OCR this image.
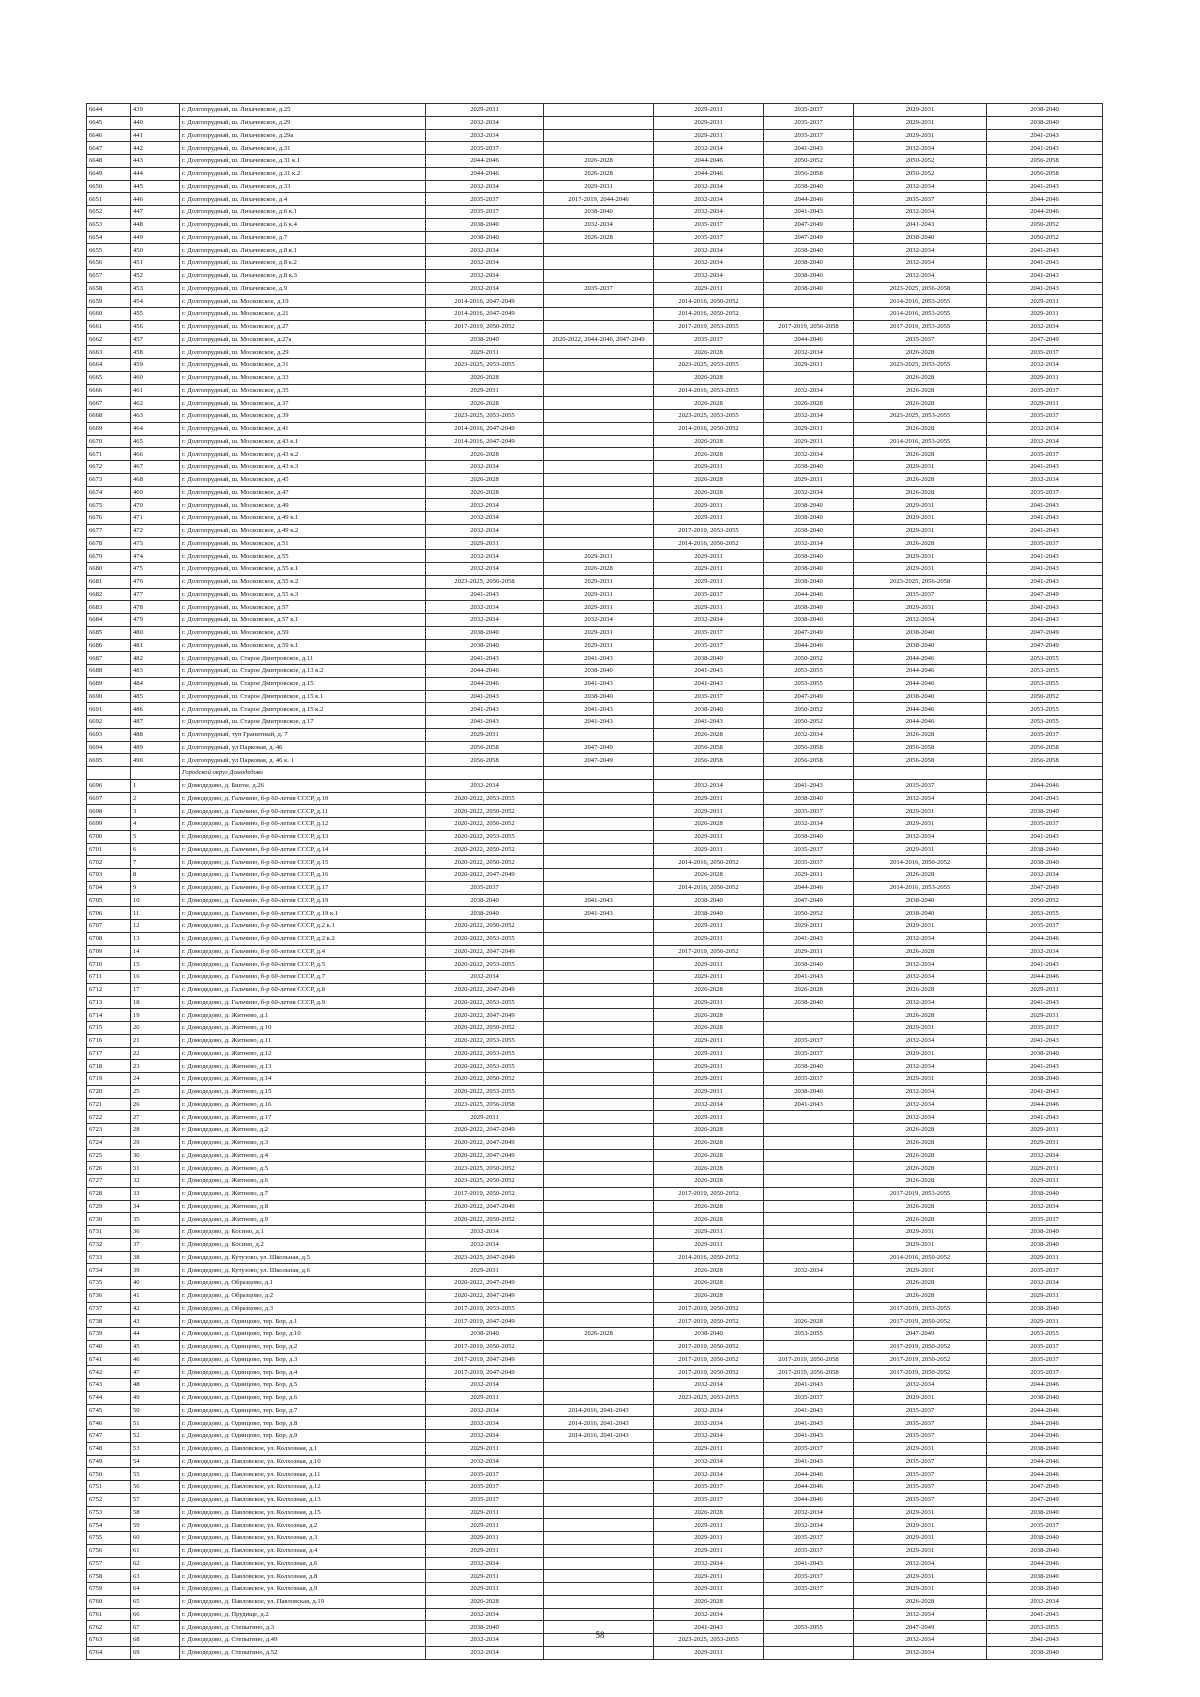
6644	439	г. Долгопрудный, ш. Лихачевское, д.25	2029-2031		2029-2031	2035-2037	2029-2031	2038-2040
6645	440	г. Долгопрудный, ш. Лихачевское, д.29	2032-2034		2029-2031	2035-2037	2029-2031	2038-2040
6646	441	г. Долгопрудный, ш. Лихачевское, д.29а	2032-2034		2029-2031	2035-2037	2029-2031	2041-2043
6647	442	г. Долгопрудный, ш. Лихачевское, д.31	2035-2037		2032-2034	2041-2043	2032-2034	2041-2043
6648	443	г. Долгопрудный, ш. Лихачевское, д.31 к.1	2044-2046	2026-2028	2044-2046	2050-2052	2050-2052	2056-2058
6649	444	г. Долгопрудный, ш. Лихачевское, д.31 к.2	2044-2046	2026-2028	2044-2046	2056-2058	2050-2052	2056-2058
6650	445	г. Долгопрудный, ш. Лихачевское, д.33	2032-2034	2029-2031	2032-2034	2038-2040	2032-2034	2041-2043
6651	446	г. Долгопрудный, ш. Лихачевское, д.4	2035-2037	2017-2019, 2044-2046	2032-2034	2044-2046	2035-2037	2044-2046
6652	447	г. Долгопрудный, ш. Лихачевское, д.6 к.1	2035-2037	2038-2040	2032-2034	2041-2043	2032-2034	2044-2046
6653	448	г. Долгопрудный, ш. Лихачевское, д.6 к.4	2038-2040	2032-2034	2035-2037	2047-2049	2041-2043	2050-2052
6654	449	г. Долгопрудный, ш. Лихачевское, д.7	2038-2040	2026-2028	2035-2037	2047-2049	2038-2040	2050-2052
6655	450	г. Долгопрудный, ш. Лихачевское, д.8 к.1	2032-2034		2032-2034	2038-2040	2032-2034	2041-2043
6656	451	г. Долгопрудный, ш. Лихачевское, д.8 к.2	2032-2034		2032-2034	2038-2040	2032-2034	2041-2043
6657	452	г. Долгопрудный, ш. Лихачевское, д.8 к.3	2032-2034		2032-2034	2038-2040	2032-2034	2041-2043
6658	453	г. Долгопрудный, ш. Лихачевское, д.9	2032-2034	2035-2037	2029-2031	2038-2040	2023-2025, 2056-2058	2041-2043
6659	454	г. Долгопрудный, ш. Московское, д.19	2014-2016, 2047-2049		2014-2016, 2050-2052		2014-2016, 2053-2055	2029-2031
6660	455	г. Долгопрудный, ш. Московское, д.21	2014-2016, 2047-2049		2014-2016, 2050-2052		2014-2016, 2053-2055	2029-2031
6661	456	г. Долгопрудный, ш. Московское, д.27	2017-2019, 2050-2052		2017-2019, 2053-2055	2017-2019, 2056-2058	2017-2019, 2053-2055	2032-2034
6662	457	г. Долгопрудный, ш. Московское, д.27а	2038-2040	2020-2022, 2044-2046, 2047-2049	2035-2037	2044-2046	2035-2037	2047-2049
6663	458	г. Долгопрудный, ш. Московское, д.29	2029-2031		2026-2028	2032-2034	2026-2028	2035-2037
6664	459	г. Долгопрудный, ш. Московское, д.31	2023-2025, 2053-2055		2023-2025, 2053-2055	2029-2031	2023-2025, 2053-2055	2032-2034
6665	460	г. Долгопрудный, ш. Московское, д.33	2026-2028		2026-2028		2026-2028	2029-2031
6666	461	г. Долгопрудный, ш. Московское, д.35	2029-2031		2014-2016, 2053-2055	2032-2034	2026-2028	2035-2037
6667	462	г. Долгопрудный, ш. Московское, д.37	2026-2028		2026-2028	2026-2028	2026-2028	2029-2031
6668	463	г. Долгопрудный, ш. Московское, д.39	2023-2025, 2053-2055		2023-2025, 2053-2055	2032-2034	2023-2025, 2053-2055	2035-2037
6669	464	г. Долгопрудный, ш. Московское, д.41	2014-2016, 2047-2049		2014-2016, 2050-2052	2029-2031	2026-2028	2032-2034
6670	465	г. Долгопрудный, ш. Московское, д.43 к.1	2014-2016, 2047-2049		2026-2028	2029-2031	2014-2016, 2053-2055	2032-2034
6671	466	г. Долгопрудный, ш. Московское, д.43 к.2	2026-2028		2026-2028	2032-2034	2026-2028	2035-2037
6672	467	г. Долгопрудный, ш. Московское, д.43 к.3	2032-2034		2029-2031	2038-2040	2029-2031	2041-2043
6673	468	г. Долгопрудный, ш. Московское, д.45	2026-2028		2026-2028	2029-2031	2026-2028	2032-2034
6674	469	г. Долгопрудный, ш. Московское, д.47	2026-2028		2026-2028	2032-2034	2026-2028	2035-2037
6675	470	г. Долгопрудный, ш. Московское, д.49	2032-2034		2029-2031	2038-2040	2029-2031	2041-2043
6676	471	г. Долгопрудный, ш. Московское, д.49 к.1	2032-2034		2029-2031	2038-2040	2029-2031	2041-2043
6677	472	г. Долгопрудный, ш. Московское, д.49 к.2	2032-2034		2017-2019, 2053-2055	2038-2040	2029-2031	2041-2043
6678	473	г. Долгопрудный, ш. Московское, д.51	2029-2031		2014-2016, 2050-2052	2032-2034	2026-2028	2035-2037
6679	474	г. Долгопрудный, ш. Московское, д.55	2032-2034	2029-2031	2029-2031	2038-2040	2029-2031	2041-2043
6680	475	г. Долгопрудный, ш. Московское, д.55 к.1	2032-2034	2026-2028	2029-2031	2038-2040	2029-2031	2041-2043
6681	476	г. Долгопрудный, ш. Московское, д.55 к.2	2023-2025, 2056-2058	2029-2031	2029-2031	2038-2040	2023-2025, 2056-2058	2041-2043
6682	477	г. Долгопрудный, ш. Московское, д.55 к.3	2041-2043	2029-2031	2035-2037	2044-2046	2035-2037	2047-2049
6683	478	г. Долгопрудный, ш. Московское, д.57	2032-2034	2029-2031	2029-2031	2038-2040	2029-2031	2041-2043
6684	479	г. Долгопрудный, ш. Московское, д.57 к.1	2032-2034	2032-2034	2032-2034	2038-2040	2032-2034	2041-2043
6685	480	г. Долгопрудный, ш. Московское, д.59	2038-2040	2029-2031	2035-2037	2047-2049	2038-2040	2047-2049
6686	481	г. Долгопрудный, ш. Московское, д.59 к.1	2038-2040	2029-2031	2035-2037	2044-2046	2038-2040	2047-2049
6687	482	г. Долгопрудный, ш. Старое Дмитровское, д.11	2041-2043	2041-2043	2038-2040	2050-2052	2044-2046	2053-2055
6688	483	г. Долгопрудный, ш. Старое Дмитровское, д.13 к.2	2044-2046	2038-2040	2041-2043	2053-2055	2044-2046	2053-2055
6689	484	г. Долгопрудный, ш. Старое Дмитровское, д.15	2044-2046	2041-2043	2041-2043	2053-2055	2044-2046	2053-2055
6690	485	г. Долгопрудный, ш. Старое Дмитровское, д.15 к.1	2041-2043	2038-2040	2035-2037	2047-2049	2038-2040	2050-2052
6691	486	г. Долгопрудный, ш. Старое Дмитровское, д.15 к.2	2041-2043	2041-2043	2038-2040	2050-2052	2044-2046	2053-2055
6692	487	г. Долгопрудный, ш. Старое Дмитровское, д.17	2041-2043	2041-2043	2041-2043	2050-2052	2044-2046	2053-2055
6693	488	г. Долгопрудный, туп Гранитный, д. 7	2029-2031		2026-2028	2032-2034	2026-2028	2035-2037
6694	489	г. Долгопрудный, ул Парковая, д. 46	2056-2058	2047-2049	2056-2058	2056-2058	2056-2058	2056-2058
6695	490	г. Долгопрудный, ул Парковая, д. 46 к. 1	2056-2058	2047-2049	2056-2058	2056-2058	2056-2058	2056-2058
		Городской округ Домодедово						
6696	1	г. Домодедово, д. Бшгое, д.26	2032-2034		2032-2034	2041-2043	2035-2037	2044-2046
6697	2	г. Домодедово, д. Гальчино, б-р 60-летия СССР, д.10	2020-2022, 2053-2055		2029-2031	2038-2040	2032-2034	2041-2043
6698	3	г. Домодедово, д. Гальчино, б-р 60-летия СССР, д.11	2020-2022, 2050-2052		2029-2031	2035-2037	2029-2031	2038-2040
6699	4	г. Домодедово, д. Гальчино, б-р 60-летия СССР, д.12	2020-2022, 2050-2052		2026-2028	2032-2034	2029-2031	2035-2037
6700	5	г. Домодедово, д. Гальчино, б-р 60-летия СССР, д.13	2020-2022, 2053-2055		2029-2031	2038-2040	2032-2034	2041-2043
6701	6	г. Домодедово, д. Гальчино, б-р 60-летия СССР, д.14	2020-2022, 2050-2052		2029-2031	2035-2037	2029-2031	2038-2040
6702	7	г. Домодедово, д. Гальчино, б-р 60-летия СССР, д.15	2020-2022, 2050-2052		2014-2016, 2050-2052	2035-2037	2014-2016, 2050-2052	2038-2040
6703	8	г. Домодедово, д. Гальчино, б-р 60-летия СССР, д.16	2020-2022, 2047-2049		2026-2028	2029-2031	2026-2028	2032-2034
6704	9	г. Домодедово, д. Гальчино, б-р 60-летия СССР, д.17	2035-2037		2014-2016, 2050-2052	2044-2046	2014-2016, 2053-2055	2047-2049
6705	10	г. Домодедово, д. Гальчино, б-р 60-летия СССР, д.19	2038-2040	2041-2043	2038-2040	2047-2049	2038-2040	2050-2052
6706	11	г. Домодедово, д. Гальчино, б-р 60-летия СССР, д.19 к.1	2038-2040	2041-2043	2038-2040	2050-2052	2038-2040	2053-2055
6707	12	г. Домодедово, д. Гальчино, б-р 60-летия СССР, д.2 к.1	2020-2022, 2050-2052		2029-2031	2029-2031	2029-2031	2035-2037
6708	13	г. Домодедово, д. Гальчино, б-р 60-летия СССР, д.2 к.2	2020-2022, 2053-2055		2029-2031	2041-2043	2032-2034	2044-2046
6709	14	г. Домодедово, д. Гальчино, б-р 60-летия СССР, д.4	2020-2022, 2047-2049		2017-2019, 2050-2052	2029-2031	2026-2028	2032-2034
6710	15	г. Домодедово, д. Гальчино, б-р 60-летия СССР, д.5	2020-2022, 2053-2055		2029-2031	2038-2040	2032-2034	2041-2043
6711	16	г. Домодедово, д. Гальчино, б-р 60-летия СССР, д.7	2032-2034		2029-2031	2041-2043	2032-2034	2044-2046
6712	17	г. Домодедово, д. Гальчино, б-р 60-летия СССР, д.8	2020-2022, 2047-2049		2026-2028	2026-2028	2026-2028	2029-2031
6713	18	г. Домодедово, д. Гальчино, б-р 60-летия СССР, д.9	2020-2022, 2053-2055		2029-2031	2038-2040	2032-2034	2041-2043
6714	19	г. Домодедово, д. Житнево, д.1	2020-2022, 2047-2049		2026-2028		2026-2028	2029-2031
6715	20	г. Домодедово, д. Житнево, д.10	2020-2022, 2050-2052		2026-2028		2029-2031	2035-2037
6716	21	г. Домодедово, д. Житнево, д.11	2020-2022, 2053-2055		2029-2031	2035-2037	2032-2034	2041-2043
6717	22	г. Домодедово, д. Житнево, д.12	2020-2022, 2053-2055		2029-2031	2035-2037	2029-2031	2038-2040
6718	23	г. Домодедово, д. Житнево, д.13	2020-2022, 2053-2055		2029-2031	2038-2040	2032-2034	2041-2043
6719	24	г. Домодедово, д. Житнево, д.14	2020-2022, 2050-2052		2029-2031	2035-2037	2029-2031	2038-2040
6720	25	г. Домодедово, д. Житнево, д.15	2020-2022, 2053-2055		2029-2031	2038-2040	2032-2034	2041-2043
6721	26	г. Домодедово, д. Житнево, д.16	2023-2025, 2056-2058		2032-2034	2041-2043	2032-2034	2044-2046
6722	27	г. Домодедово, д. Житнево, д.17	2029-2031		2029-2031		2032-2034	2041-2043
6723	28	г. Домодедово, д. Житнево, д.2	2020-2022, 2047-2049		2026-2028		2026-2028	2029-2031
6724	29	г. Домодедово, д. Житнево, д.3	2020-2022, 2047-2049		2026-2028		2026-2028	2029-2031
6725	30	г. Домодедово, д. Житнево, д.4	2020-2022, 2047-2049		2026-2028		2026-2028	2032-2034
6726	31	г. Домодедово, д. Житнево, д.5	2023-2025, 2050-2052		2026-2028		2026-2028	2029-2031
6727	32	г. Домодедово, д. Житнево, д.6	2023-2025, 2050-2052		2026-2028		2026-2028	2029-2031
6728	33	г. Домодедово, д. Житнево, д.7	2017-2019, 2050-2052		2017-2019, 2050-2052		2017-2019, 2053-2055	2038-2040
6729	34	г. Домодедово, д. Житнево, д.8	2020-2022, 2047-2049		2026-2028		2026-2028	2032-2034
6730	35	г. Домодедово, д. Житнево, д.9	2020-2022, 2050-2052		2026-2028		2026-2028	2035-2037
6731	36	г. Домодедово, д. Косино, д.1	2032-2034		2029-2031		2029-2031	2038-2040
6732	37	г. Домодедово, д. Косино, д.2	2032-2034		2029-2031		2029-2031	2038-2040
6733	38	г. Домодедово, д. Кутузово, ул. Школьная, д.5	2023-2025, 2047-2049		2014-2016, 2050-2052		2014-2016, 2050-2052	2029-2031
6734	39	г. Домодедово, д. Кутузово, ул. Школьная, д.6	2029-2031		2026-2028	2032-2034	2029-2031	2035-2037
6735	40	г. Домодедово, д. Образцово, д.1	2020-2022, 2047-2049		2026-2028		2026-2028	2032-2034
6736	41	г. Домодедово, д. Образцово, д.2	2020-2022, 2047-2049		2026-2028		2026-2028	2029-2031
6737	42	г. Домодедово, д. Образцово, д.3	2017-2019, 2053-2055		2017-2019, 2050-2052		2017-2019, 2053-2055	2038-2040
6738	43	г. Домодедово, д. Одинцово, тер. Бор, д.1	2017-2019, 2047-2049		2017-2019, 2050-2052	2026-2028	2017-2019, 2050-2052	2029-2031
6739	44	г. Домодедово, д. Одинцово, тер. Бор, д.10	2038-2040	2026-2028	2038-2040	2053-2055	2047-2049	2053-2055
6740	45	г. Домодедово, д. Одинцово, тер. Бор, д.2	2017-2019, 2050-2052		2017-2019, 2050-2052		2017-2019, 2050-2052	2035-2037
6741	46	г. Домодедово, д. Одинцово, тер. Бор, д.3	2017-2019, 2047-2049		2017-2019, 2050-2052	2017-2019, 2056-2058	2017-2019, 2050-2052	2035-2037
6742	47	г. Домодедово, д. Одинцово, тер. Бор, д.4	2017-2019, 2047-2049		2017-2019, 2050-2052	2017-2019, 2056-2058	2017-2019, 2050-2052	2035-2037
6743	48	г. Домодедово, д. Одинцово, тер. Бор, д.5	2032-2034		2032-2034	2041-2043	2032-2034	2044-2046
6744	49	г. Домодедово, д. Одинцово, тер. Бор, д.6	2029-2031		2023-2025, 2053-2055	2035-2037	2029-2031	2038-2040
6745	50	г. Домодедово, д. Одинцово, тер. Бор, д.7	2032-2034	2014-2016, 2041-2043	2032-2034	2041-2043	2035-2037	2044-2046
6746	51	г. Домодедово, д. Одинцово, тер. Бор, д.8	2032-2034	2014-2016, 2041-2043	2032-2034	2041-2043	2035-2037	2044-2046
6747	52	г. Домодедово, д. Одинцово, тер. Бор, д.9	2032-2034	2014-2016, 2041-2043	2032-2034	2041-2043	2035-2037	2044-2046
6748	53	г. Домодедово, д. Павловское, ул. Колхозная, д.1	2029-2031		2029-2031	2035-2037	2029-2031	2038-2040
6749	54	г. Домодедово, д. Павловское, ул. Колхозная, д.10	2032-2034		2032-2034	2041-2043	2035-2037	2044-2046
6750	55	г. Домодедово, д. Павловское, ул. Колхозная, д.11	2035-2037		2032-2034	2044-2046	2035-2037	2044-2046
6751	56	г. Домодедово, д. Павловское, ул. Колхозная, д.12	2035-2037		2035-2037	2044-2046	2035-2037	2047-2049
6752	57	г. Домодедово, д. Павловское, ул. Колхозная, д.13	2035-2037		2035-2037	2044-2046	2035-2037	2047-2049
6753	58	г. Домодедово, д. Павловское, ул. Колхозная, д.15	2029-2031		2026-2028	2032-2034	2029-2031	2038-2040
6754	59	г. Домодедово, д. Павловское, ул. Колхозная, д.2	2029-2031		2029-2031	2032-2034	2029-2031	2035-2037
6755	60	г. Домодедово, д. Павловское, ул. Колхозная, д.3	2029-2031		2029-2031	2035-2037	2029-2031	2038-2040
6756	61	г. Домодедово, д. Павловское, ул. Колхозная, д.4	2029-2031		2029-2031	2035-2037	2029-2031	2038-2040
6757	62	г. Домодедово, д. Павловское, ул. Колхозная, д.6	2032-2034		2032-2034	2041-2043	2032-2034	2044-2046
6758	63	г. Домодедово, д. Павловское, ул. Колхозная, д.8	2029-2031		2029-2031	2035-2037	2029-2031	2038-2040
6759	64	г. Домодедово, д. Павловское, ул. Колхозная, д.9	2029-2031		2029-2031	2035-2037	2029-2031	2038-2040
6760	65	г. Домодедово, д. Павловское, ул. Павловская, д.19	2026-2028		2026-2028		2026-2028	2032-2034
6761	66	г. Домодедово, д. Прудище, д.2	2032-2034		2032-2034		2032-2034	2041-2043
6762	67	г. Домодедово, д. Степыгино, д.3	2038-2040		2041-2043	2053-2055	2047-2049	2053-2055
6763	68	г. Домодедово, д. Степыгино, д.49	2032-2034		2023-2025, 2053-2055		2032-2034	2041-2043
6764	69	г. Домодедово, д. Степыгино, д.52	2032-2034		2029-2031		2032-2034	2038-2040
58
